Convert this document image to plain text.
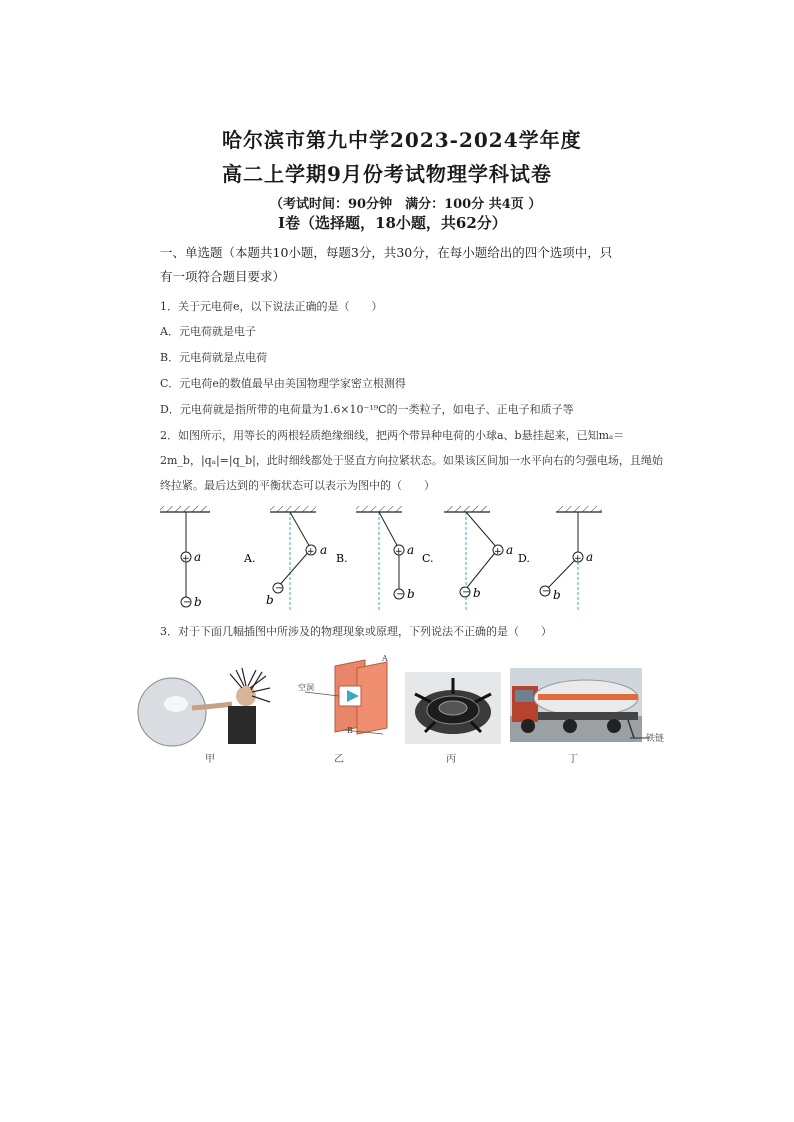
哈尔滨市第九中学2023-2024学年度
高二上学期9月份考试物理学科试卷
（考试时间：90分钟　满分：100分 共4页 ）
Ⅰ卷（选择题，18小题，共62分）
一、单选题（本题共10小题，每题3分，共30分，在每小题给出的四个选项中，只
有一项符合题目要求）
1．关于元电荷e，以下说法正确的是（　　）
A．元电荷就是电子
B．元电荷就是点电荷
C．元电荷e的数值最早由美国物理学家密立根测得
D．元电荷就是指所带的电荷量为1.6×10⁻¹⁹C的一类粒子，如电子、正电子和质子等
2．如图所示，用等长的两根轻质绝缘细线，把两个带异种电荷的小球a、b悬挂起来，已知mₐ＝
2m_b，|qₐ|=|q_b|，此时细线都处于竖直方向拉紧状态。如果该区间加一水平向右的匀强电场，且绳始
终拉紧。最后达到的平衡状态可以表示为图中的（　　）
+
−
a
b
A.	+
−
a
b
B.	+
−
a
b
C.	+
−
a
b
D.	+
−
a
b
3．对于下面几幅插图中所涉及的物理现象或原理，下列说法不正确的是（　　）
甲
空洞
A
B
乙	丙
铁链
丁
